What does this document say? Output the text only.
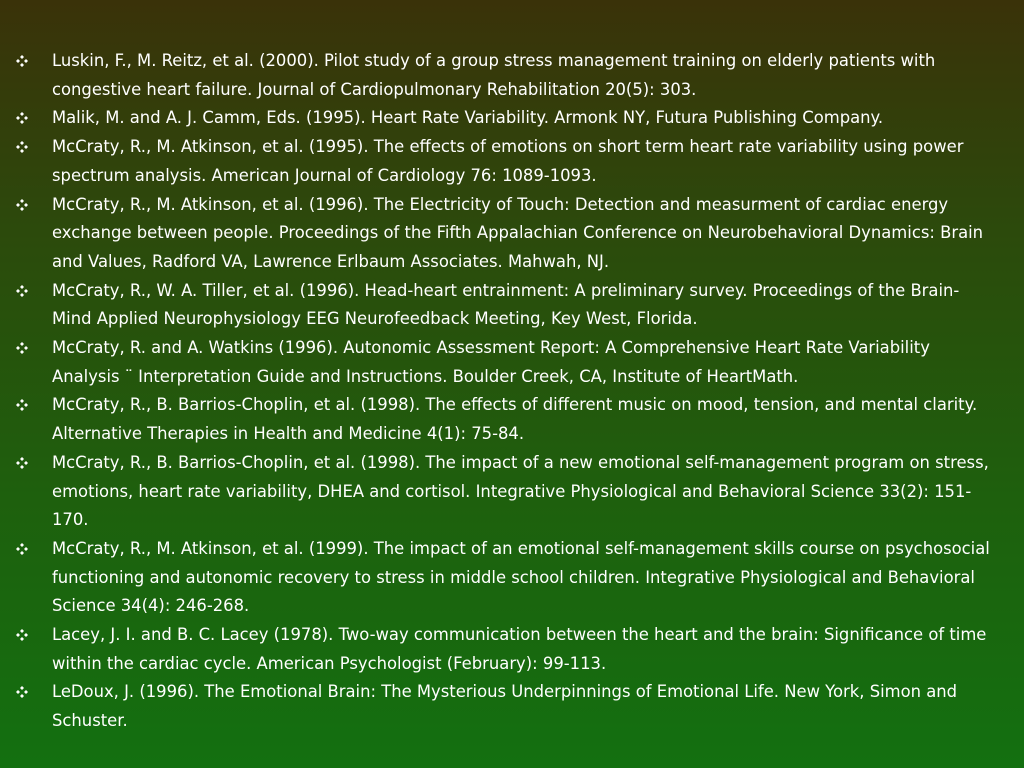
Luskin, F., M. Reitz, et al. (2000). Pilot study of a group stress management training on elderly patients with congestive heart failure. Journal of Cardiopulmonary Rehabilitation 20(5): 303.
Malik, M. and A. J. Camm, Eds. (1995). Heart Rate Variability. Armonk NY, Futura Publishing Company.
McCraty, R., M. Atkinson, et al. (1995). The effects of emotions on short term heart rate variability using power spectrum analysis. American Journal of Cardiology 76: 1089-1093.
McCraty, R., M. Atkinson, et al. (1996). The Electricity of Touch: Detection and measurment of cardiac energy exchange between people. Proceedings of the Fifth Appalachian Conference on Neurobehavioral Dynamics: Brain and Values, Radford VA, Lawrence Erlbaum Associates. Mahwah, NJ.
McCraty, R., W. A. Tiller, et al. (1996). Head-heart entrainment: A preliminary survey. Proceedings of the Brain-Mind Applied Neurophysiology EEG Neurofeedback Meeting, Key West, Florida.
McCraty, R. and A. Watkins (1996). Autonomic Assessment Report: A Comprehensive Heart Rate Variability Analysis ¨ Interpretation Guide and Instructions. Boulder Creek, CA, Institute of HeartMath.
McCraty, R., B. Barrios-Choplin, et al. (1998). The effects of different music on mood, tension, and mental clarity. Alternative Therapies in Health and Medicine 4(1): 75-84.
McCraty, R., B. Barrios-Choplin, et al. (1998). The impact of a new emotional self-management program on stress, emotions, heart rate variability, DHEA and cortisol. Integrative Physiological and Behavioral Science 33(2): 151-170.
McCraty, R., M. Atkinson, et al. (1999). The impact of an emotional self-management skills course on psychosocial functioning and autonomic recovery to stress in middle school children. Integrative Physiological and Behavioral Science 34(4): 246-268.
Lacey, J. I. and B. C. Lacey (1978). Two-way communication between the heart and the brain: Significance of time within the cardiac cycle. American Psychologist (February): 99-113.
LeDoux, J. (1996). The Emotional Brain: The Mysterious Underpinnings of Emotional Life. New York, Simon and Schuster.
